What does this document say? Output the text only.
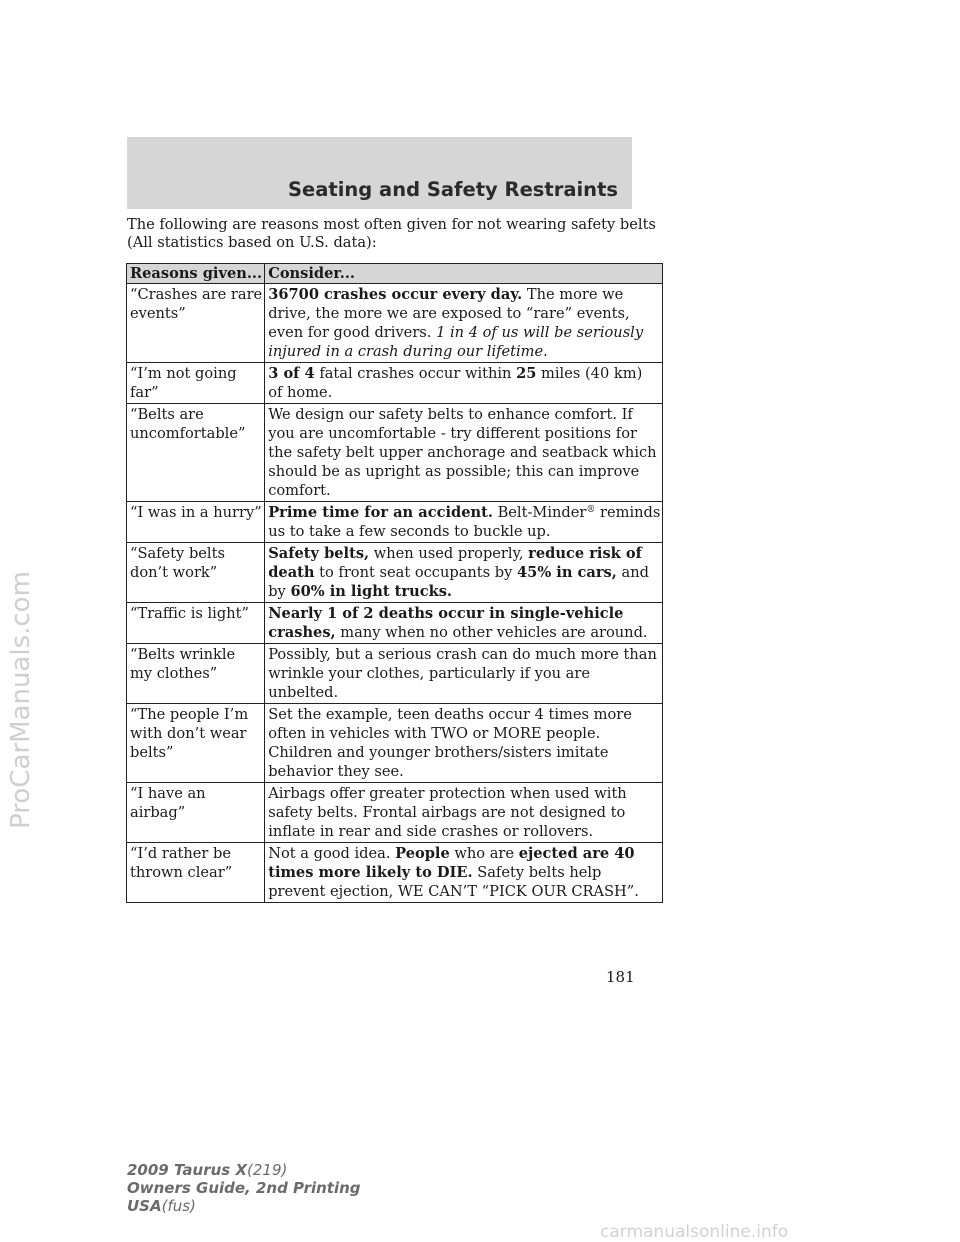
Seating and Safety Restraints
The following are reasons most often given for not wearing safety belts
(All statistics based on U.S. data):
Reasons given...	Consider...

“Crashes are rare
events”	36700 crashes occur every day. The more we
drive, the more we are exposed to “rare” events,
even for good drivers. 1 in 4 of us will be seriously
injured in a crash during our lifetime.

“I’m not going
far”	3 of 4 fatal crashes occur within 25 miles (40 km)
of home.

“Belts are
uncomfortable”	We design our safety belts to enhance comfort. If
you are uncomfortable - try different positions for
the safety belt upper anchorage and seatback which
should be as upright as possible; this can improve
comfort.

“I was in a hurry”	Prime time for an accident. Belt-Minder® reminds
us to take a few seconds to buckle up.

“Safety belts
don’t work”	Safety belts, when used properly, reduce risk of
death to front seat occupants by 45% in cars, and
by 60% in light trucks.

“Traffic is light”	Nearly 1 of 2 deaths occur in single-vehicle
crashes, many when no other vehicles are around.

“Belts wrinkle
my clothes”	Possibly, but a serious crash can do much more than
wrinkle your clothes, particularly if you are
unbelted.

“The people I’m
with don’t wear
belts”	Set the example, teen deaths occur 4 times more
often in vehicles with TWO or MORE people.
Children and younger brothers/sisters imitate
behavior they see.

“I have an
airbag”	Airbags offer greater protection when used with
safety belts. Frontal airbags are not designed to
inflate in rear and side crashes or rollovers.

“I’d rather be
thrown clear”	Not a good idea. People who are ejected are 40
times more likely to DIE. Safety belts help
prevent ejection, WE CAN’T “PICK OUR CRASH”.
181
2009 Taurus X(219)
Owners Guide, 2nd Printing
USA(fus)
ProCarManuals.com
carmanualsonline.info
